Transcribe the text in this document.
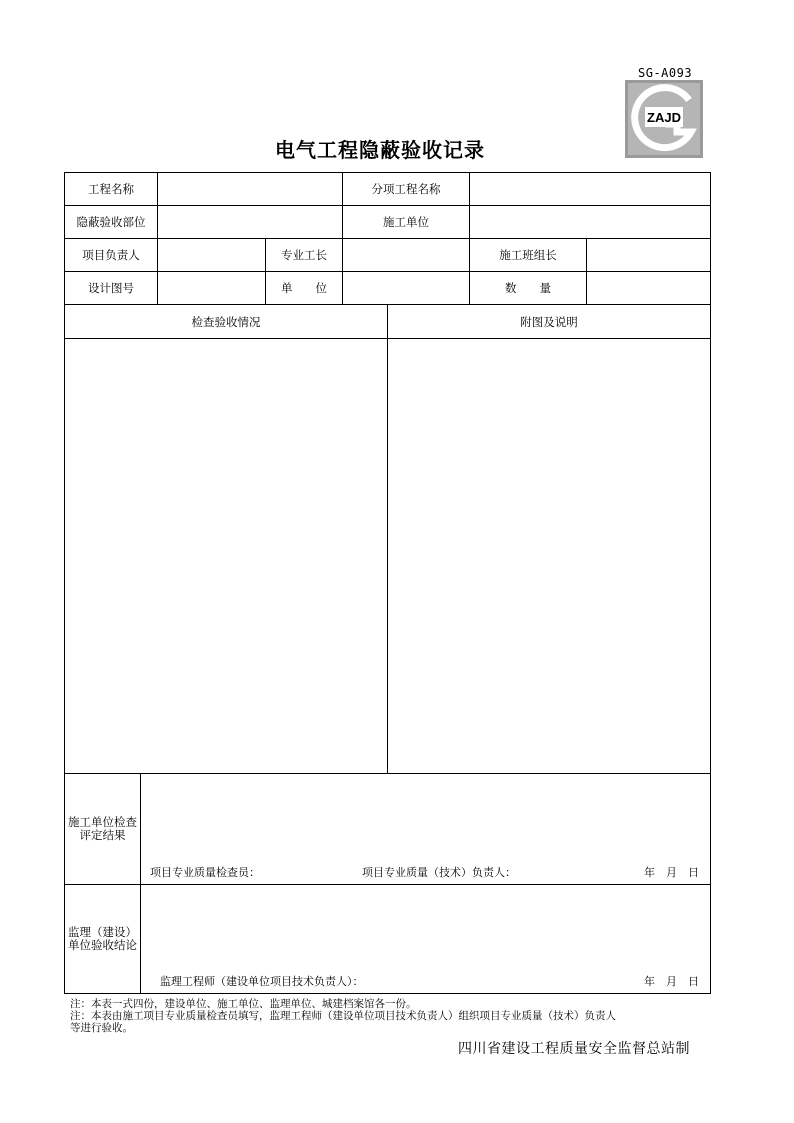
SG-A093
ZAJD
电气工程隐蔽验收记录
工程名称	分项工程名称
隐蔽验收部位	施工单位
项目负责人	专业工长	施工班组长
设计图号	单　　位	数　　量
检查验收情况	附图及说明
施工单位检查
评定结果
项目专业质量检查员：	项目专业质量（技术）负责人：	年　月　日
监理（建设）
单位验收结论
监理工程师（建设单位项目技术负责人）：	年　月　日
注：本表一式四份，建设单位、施工单位、监理单位、城建档案馆各一份。
注：本表由施工项目专业质量检查员填写，监理工程师（建设单位项目技术负责人）组织项目专业质量（技术）负责人
等进行验收。
四川省建设工程质量安全监督总站制
